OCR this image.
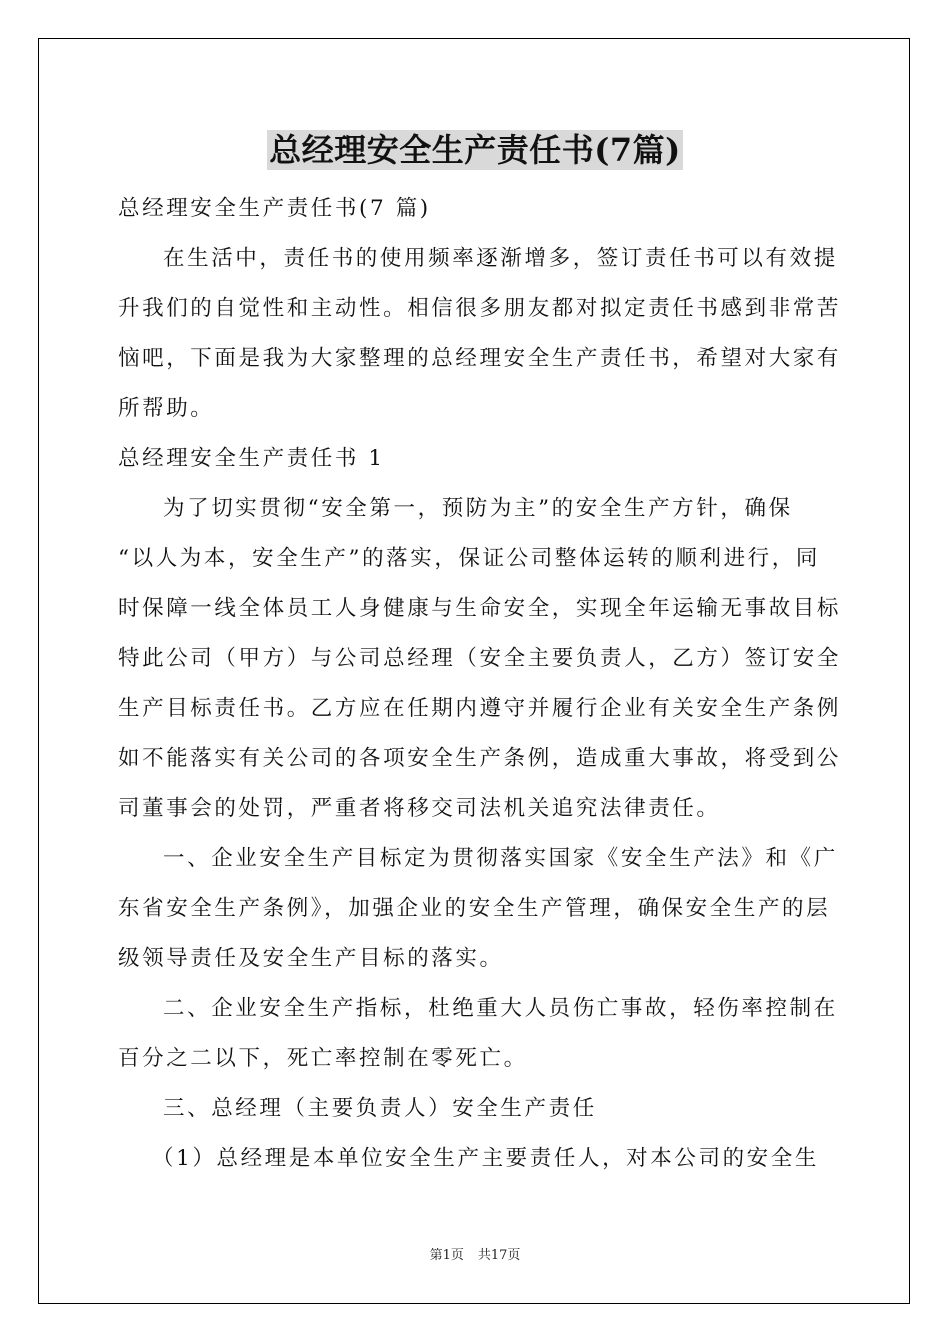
总经理安全生产责任书(7篇)

总经理安全生产责任书(7 篇)

在生活中，责任书的使用频率逐渐增多，签订责任书可以有效提

升我们的自觉性和主动性。相信很多朋友都对拟定责任书感到非常苦

恼吧，下面是我为大家整理的总经理安全生产责任书，希望对大家有

所帮助。

总经理安全生产责任书 1

为了切实贯彻“安全第一，预防为主”的安全生产方针，确保

“以人为本，安全生产”的落实，保证公司整体运转的顺利进行，同

时保障一线全体员工人身健康与生命安全，实现全年运输无事故目标

特此公司（甲方）与公司总经理（安全主要负责人，乙方）签订安全

生产目标责任书。乙方应在任期内遵守并履行企业有关安全生产条例

如不能落实有关公司的各项安全生产条例，造成重大事故，将受到公

司董事会的处罚，严重者将移交司法机关追究法律责任。

一、企业安全生产目标定为贯彻落实国家《安全生产法》和《广

东省安全生产条例》，加强企业的安全生产管理，确保安全生产的层

级领导责任及安全生产目标的落实。

二、企业安全生产指标，杜绝重大人员伤亡事故，轻伤率控制在

百分之二以下，死亡率控制在零死亡。

三、总经理（主要负责人）安全生产责任

（1）总经理是本单位安全生产主要责任人，对本公司的安全生

第1页 共17页
